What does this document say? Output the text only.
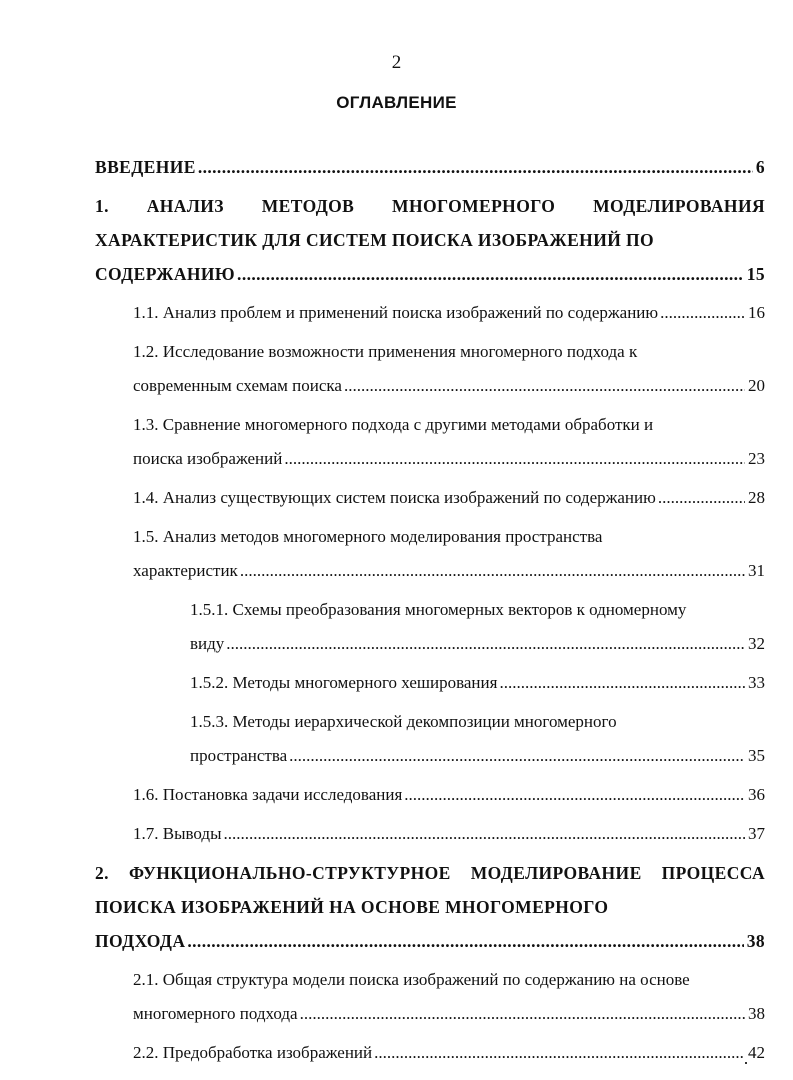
2
ОГЛАВЛЕНИЕ
ВВЕДЕНИЕ .....	6
1. АНАЛИЗ МЕТОДОВ МНОГОМЕРНОГО МОДЕЛИРОВАНИЯ ХАРАКТЕРИСТИК ДЛЯ СИСТЕМ ПОИСКА ИЗОБРАЖЕНИЙ ПО
СОДЕРЖАНИЮ .....	15
1.1. Анализ проблем и применений поиска изображений по содержанию .....	16
1.2. Исследование возможности применения многомерного подхода к
современным схемам поиска .....	20
1.3. Сравнение многомерного подхода с другими методами обработки и
поиска изображений .....	23
1.4. Анализ существующих систем поиска изображений по содержанию .....	28
1.5. Анализ методов многомерного моделирования пространства
характеристик .....	31
1.5.1. Схемы преобразования многомерных векторов к одномерному
виду .....	32
1.5.2. Методы многомерного хеширования .....	33
1.5.3. Методы иерархической декомпозиции многомерного
пространства .....	35
1.6. Постановка задачи исследования .....	36
1.7. Выводы .....	37
2. ФУНКЦИОНАЛЬНО-СТРУКТУРНОЕ МОДЕЛИРОВАНИЕ ПРОЦЕССА ПОИСКА ИЗОБРАЖЕНИЙ НА ОСНОВЕ МНОГОМЕРНОГО
ПОДХОДА .....	38
2.1. Общая структура модели поиска изображений по содержанию на основе
многомерного подхода .....	38
2.2. Предобработка изображений .....	42
